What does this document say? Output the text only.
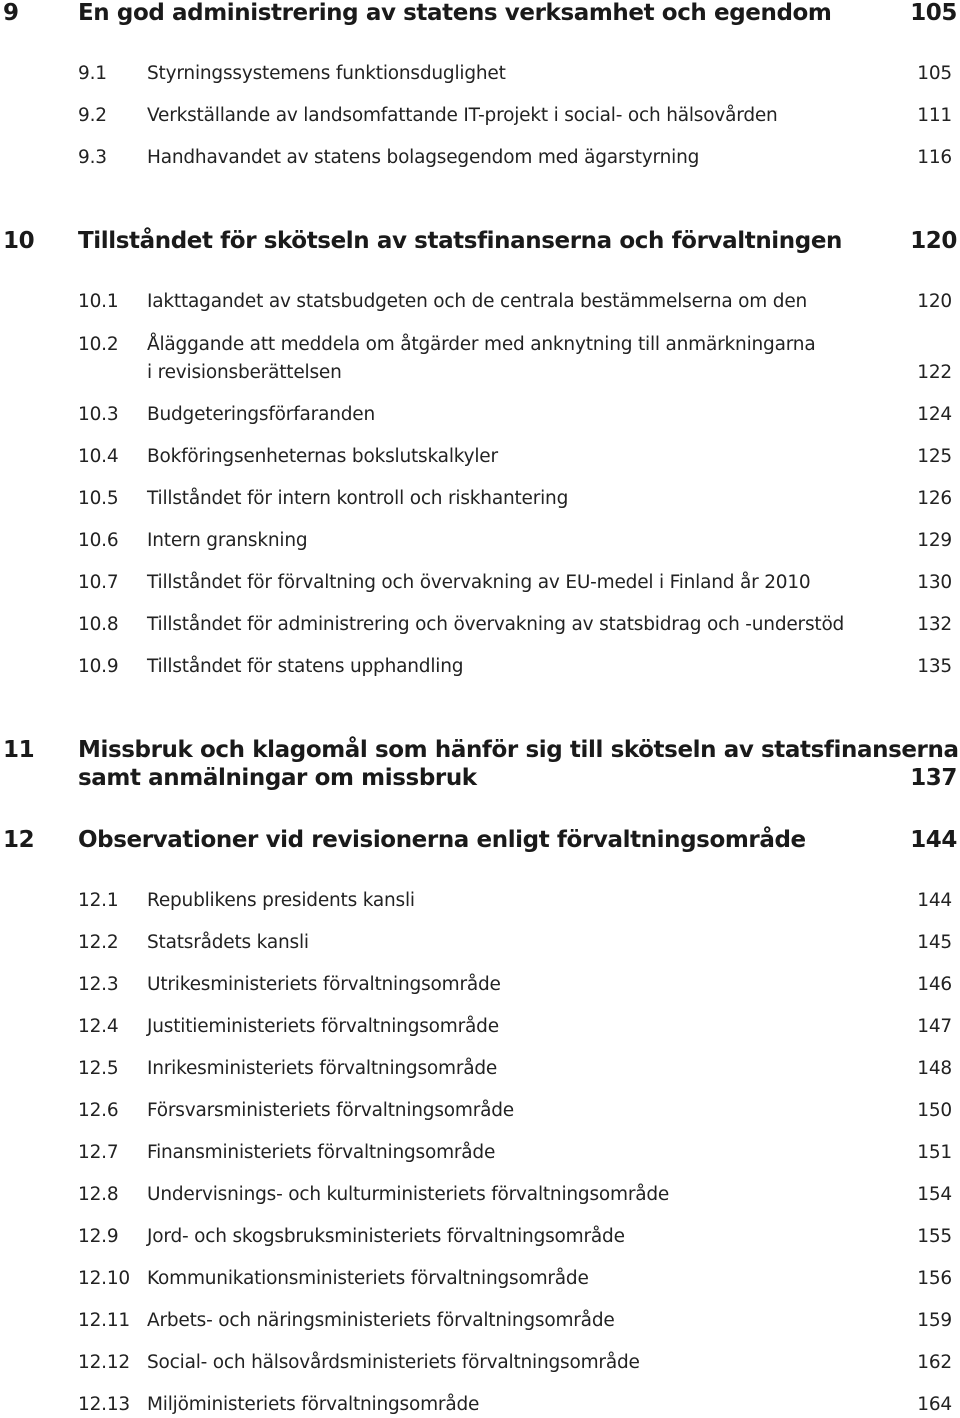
9	En god administrering av statens verksamhet och egendom	105
9.1 Styrningssystemens funktionsduglighet	105
9.2 Verkställande av landsomfattande IT-projekt i social- och hälsovården	111
9.3 Handhavandet av statens bolagsegendom med ägarstyrning	116
10 Tillståndet för skötseln av statsfinanserna och förvaltningen	120
10.1 Iakttagandet av statsbudgeten och de centrala bestämmelserna om den	120
10.2 Åläggande att meddela om åtgärder med anknytning till anmärkningarna
i revisionsberättelsen	122
10.3 Budgeteringsförfaranden	124
10.4 Bokföringsenheternas bokslutskalkyler	125
10.5 Tillståndet för intern kontroll och riskhantering	126
10.6 Intern granskning	129
10.7 Tillståndet för förvaltning och övervakning av EU-medel i Finland år 2010	130
10.8 Tillståndet för administrering och övervakning av statsbidrag och -understöd	132
10.9 Tillståndet för statens upphandling	135
11 Missbruk och klagomål som hänför sig till skötseln av statsfinanserna
samt anmälningar om missbruk	137
12 Observationer vid revisionerna enligt förvaltningsområde	144
12.1 Republikens presidents kansli	144
12.2 Statsrådets kansli	145
12.3 Utrikesministeriets förvaltningsområde	146
12.4 Justitieministeriets förvaltningsområde	147
12.5 Inrikesministeriets förvaltningsområde	148
12.6 Försvarsministeriets förvaltningsområde	150
12.7 Finansministeriets förvaltningsområde	151
12.8 Undervisnings- och kulturministeriets förvaltningsområde	154
12.9 Jord- och skogsbruksministeriets förvaltningsområde	155
12.10 Kommunikationsministeriets förvaltningsområde	156
12.11 Arbets- och näringsministeriets förvaltningsområde	159
12.12 Social- och hälsovårdsministeriets förvaltningsområde	162
12.13 Miljöministeriets förvaltningsområde	164
